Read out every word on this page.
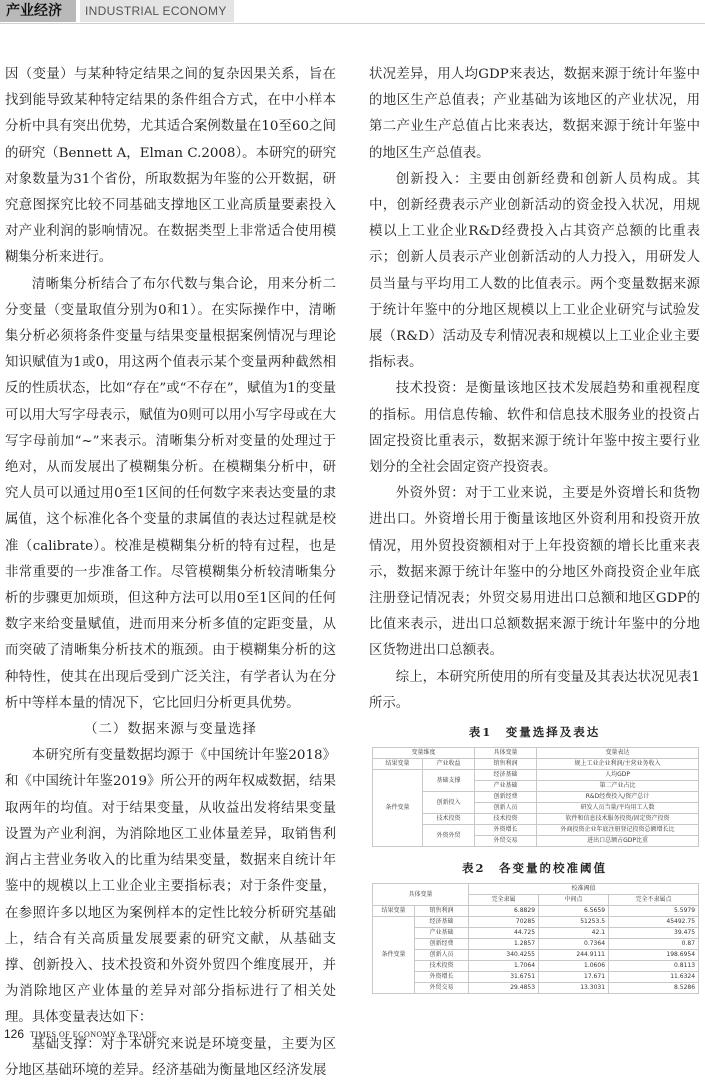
产业经济	INDUSTRIAL ECONOMY

因（变量）与某种特定结果之间的复杂因果关系，旨在找到能导致某种特定结果的条件组合方式，在中小样本分析中具有突出优势，尤其适合案例数量在10至60之间的研究（Bennett A，Elman C.2008）。本研究的研究对象数量为31个省份，所取数据为年鉴的公开数据，研究意图探究比较不同基础支撑地区工业高质量要素投入对产业利润的影响情况。在数据类型上非常适合使用模糊集分析来进行。

清晰集分析结合了布尔代数与集合论，用来分析二分变量（变量取值分别为0和1）。在实际操作中，清晰集分析必须将条件变量与结果变量根据案例情况与理论知识赋值为1或0，用这两个值表示某个变量两种截然相反的性质状态，比如“存在”或“不存在”，赋值为1的变量可以用大写字母表示，赋值为0则可以用小写字母或在大写字母前加“~”来表示。清晰集分析对变量的处理过于绝对，从而发展出了模糊集分析。在模糊集分析中，研究人员可以通过用0至1区间的任何数字来表达变量的隶属值，这个标准化各个变量的隶属值的表达过程就是校准（calibrate）。校准是模糊集分析的特有过程，也是非常重要的一步准备工作。尽管模糊集分析较清晰集分析的步骤更加烦琐，但这种方法可以用0至1区间的任何数字来给变量赋值，进而用来分析多值的定距变量，从而突破了清晰集分析技术的瓶颈。由于模糊集分析的这种特性，使其在出现后受到广泛关注，有学者认为在分析中等样本量的情况下，它比回归分析更具优势。

（二）数据来源与变量选择

本研究所有变量数据均源于《中国统计年鉴2018》和《中国统计年鉴2019》所公开的两年权威数据，结果取两年的均值。对于结果变量，从收益出发将结果变量设置为产业利润，为消除地区工业体量差异，取销售利润占主营业务收入的比重为结果变量，数据来自统计年鉴中的规模以上工业企业主要指标表；对于条件变量，在参照许多以地区为案例样本的定性比较分析研究基础上，结合有关高质量发展要素的研究文献，从基础支撑、创新投入、技术投资和外资外贸四个维度展开，并为消除地区产业体量的差异对部分指标进行了相关处理。具体变量表达如下：

基础支撑：对于本研究来说是环境变量，主要为区分地区基础环境的差异。经济基础为衡量地区经济发展

状况差异，用人均GDP来表达，数据来源于统计年鉴中的地区生产总值表；产业基础为该地区的产业状况，用第二产业生产总值占比来表达，数据来源于统计年鉴中的地区生产总值表。

创新投入：主要由创新经费和创新人员构成。其中，创新经费表示产业创新活动的资金投入状况，用规模以上工业企业R&D经费投入占其资产总额的比重表示；创新人员表示产业创新活动的人力投入，用研发人员当量与平均用工人数的比值表示。两个变量数据来源于统计年鉴中的分地区规模以上工业企业研究与试验发展（R&D）活动及专利情况表和规模以上工业企业主要指标表。

技术投资：是衡量该地区技术发展趋势和重视程度的指标。用信息传输、软件和信息技术服务业的投资占固定投资比重表示，数据来源于统计年鉴中按主要行业划分的全社会固定资产投资表。

外资外贸：对于工业来说，主要是外资增长和货物进出口。外资增长用于衡量该地区外资利用和投资开放情况，用外贸投资额相对于上年投资额的增长比重来表示，数据来源于统计年鉴中的分地区外商投资企业年底注册登记情况表；外贸交易用进出口总额和地区GDP的比值来表示，进出口总额数据来源于统计年鉴中的分地区货物进出口总额表。

综上，本研究所使用的所有变量及其表达状况见表1所示。

表1　变量选择及表达

变量维度		具体变量	变量表达
结果变量	产业收益	销售利润	规上工业企业利润/主营业务收入
条件变量	基础支撑	经济基础	人均GDP
		产业基础	第二产业占比
	创新投入	创新经费	R&D经费投入/资产总计
		创新人员	研发人员当量/平均用工人数
	技术投资	技术投资	软件和信息技术服务投资/固定资产投资
	外资外贸	外资增长	外商投资企业年底注册登记投资总额增长比
		外贸交易	进出口总额占GDP比重

表2　各变量的校准阈值

具体变量		校准阈值		
		完全隶属	中间点	完全不隶属点
结果变量	销售利润	6.8829	6.5659	5.5979
条件变量	经济基础	70285	51253.5	45492.75
	产业基础	44.725	42.1	39.475
	创新经费	1.2857	0.7364	0.87
	创新人员	340.4255	244.9111	198.6954
	技术投资	1.7064	1.0606	0.8113
	外资增长	31.6751	17.671	11.6324
	外贸交易	29.4853	13.3031	8.5286
126 TIMES OF ECONOMY & TRADE
